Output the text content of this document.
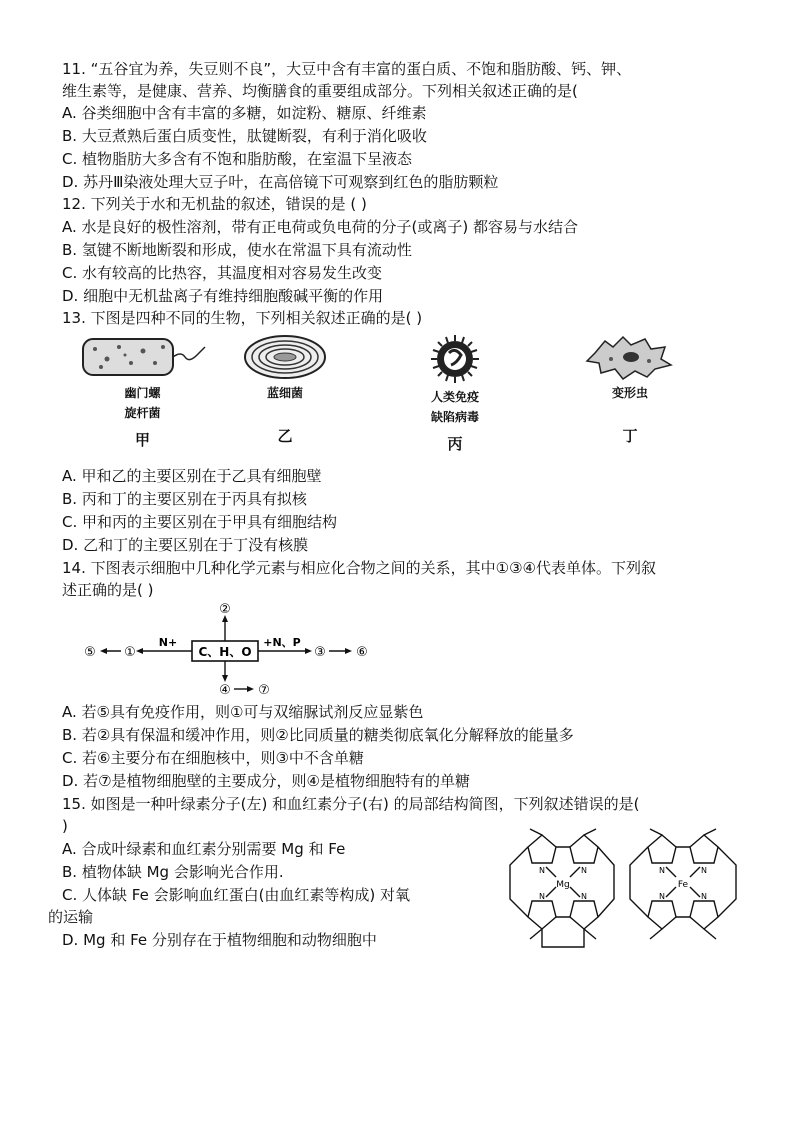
11. “五谷宜为养，失豆则不良”，大豆中含有丰富的蛋白质、不饱和脂肪酸、钙、钾、
维生素等，是健康、营养、均衡膳食的重要组成部分。下列相关叙述正确的是(
A. 谷类细胞中含有丰富的多糖，如淀粉、糖原、纤维素
B. 大豆煮熟后蛋白质变性，肽键断裂，有利于消化吸收
C. 植物脂肪大多含有不饱和脂肪酸，在室温下呈液态
D. 苏丹Ⅲ染液处理大豆子叶，在高倍镜下可观察到红色的脂肪颗粒
12. 下列关于水和无机盐的叙述，错误的是 ( )
A. 水是良好的极性溶剂，带有正电荷或负电荷的分子(或离子) 都容易与水结合
B. 氢键不断地断裂和形成，使水在常温下具有流动性
C. 水有较高的比热容，其温度相对容易发生改变
D. 细胞中无机盐离子有维持细胞酸碱平衡的作用
13. 下图是四种不同的生物，下列相关叙述正确的是( )
幽门螺
旋杆菌
甲
蓝细菌
乙
人类免疫
缺陷病毒
丙
变形虫
丁
A. 甲和乙的主要区别在于乙具有细胞壁
B. 丙和丁的主要区别在于丙具有拟核
C. 甲和丙的主要区别在于甲具有细胞结构
D. 乙和丁的主要区别在于丁没有核膜
14. 下图表示细胞中几种化学元素与相应化合物之间的关系，其中①③④代表单体。下列叙
述正确的是( )
C、H、O
N+
①
⑤
+N、P
③ ⑥
②
④ ⑦
A. 若⑤具有免疫作用，则①可与双缩脲试剂反应显紫色
B. 若②具有保温和缓冲作用，则②比同质量的糖类彻底氧化分解释放的能量多
C. 若⑥主要分布在细胞核中，则③中不含单糖
D. 若⑦是植物细胞壁的主要成分，则④是植物细胞特有的单糖
15. 如图是一种叶绿素分子(左) 和血红素分子(右) 的局部结构简图，下列叙述错误的是(
)
A. 合成叶绿素和血红素分别需要 Mg 和 Fe
B. 植物体缺 Mg 会影响光合作用.
C. 人体缺 Fe 会影响血红蛋白(由血红素等构成) 对氧
的运输
D. Mg 和 Fe 分别存在于植物细胞和动物细胞中
Mg
N	N
N	N
Fe
N	N
N	N
